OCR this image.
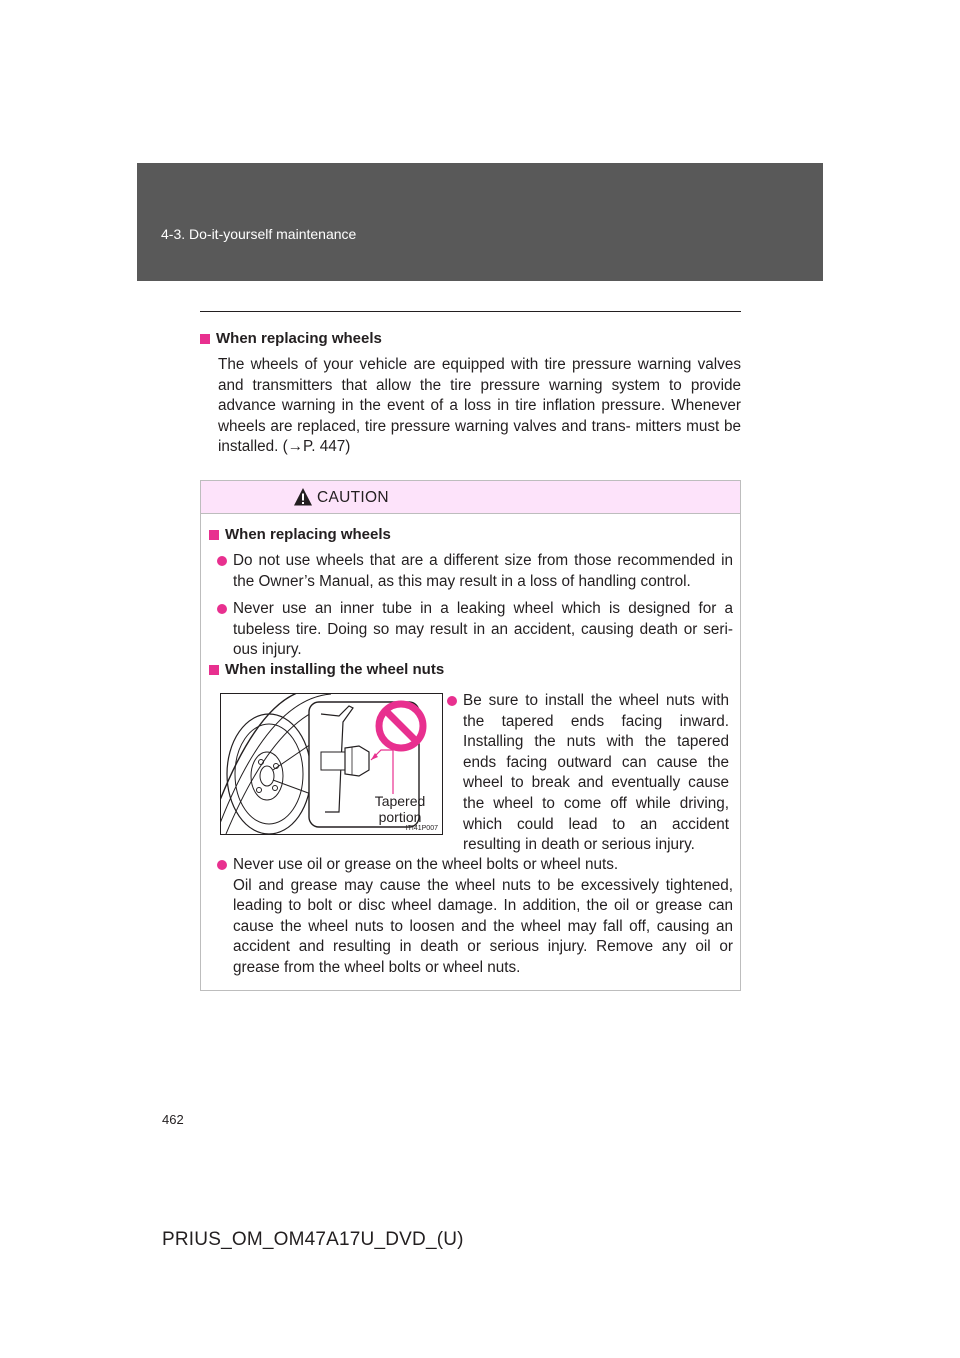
4-3. Do-it-yourself maintenance
When replacing wheels
The wheels of your vehicle are equipped with tire pressure warning valves and transmitters that allow the tire pressure warning system to provide advance warning in the event of a loss in tire inflation pressure. Whenever wheels are replaced, tire pressure warning valves and trans- mitters must be installed. (→P. 447)
CAUTION
When replacing wheels
Do not use wheels that are a different size from those recommended in the Owner’s Manual, as this may result in a loss of handling control.
Never use an inner tube in a leaking wheel which is designed for a tubeless tire. Doing so may result in an accident, causing death or seri- ous injury.
When installing the wheel nuts
Tapered
portion
ITI41P007
Be sure to install the wheel nuts with the tapered ends facing inward. Installing the nuts with the tapered ends facing outward can cause the wheel to break and eventually cause the wheel to come off while driving, which could lead to an accident resulting in death or serious injury.
Never use oil or grease on the wheel bolts or wheel nuts.
Oil and grease may cause the wheel nuts to be excessively tightened, leading to bolt or disc wheel damage. In addition, the oil or grease can cause the wheel nuts to loosen and the wheel may fall off, causing an accident and resulting in death or serious injury. Remove any oil or grease from the wheel bolts or wheel nuts.
462
PRIUS_OM_OM47A17U_DVD_(U)
